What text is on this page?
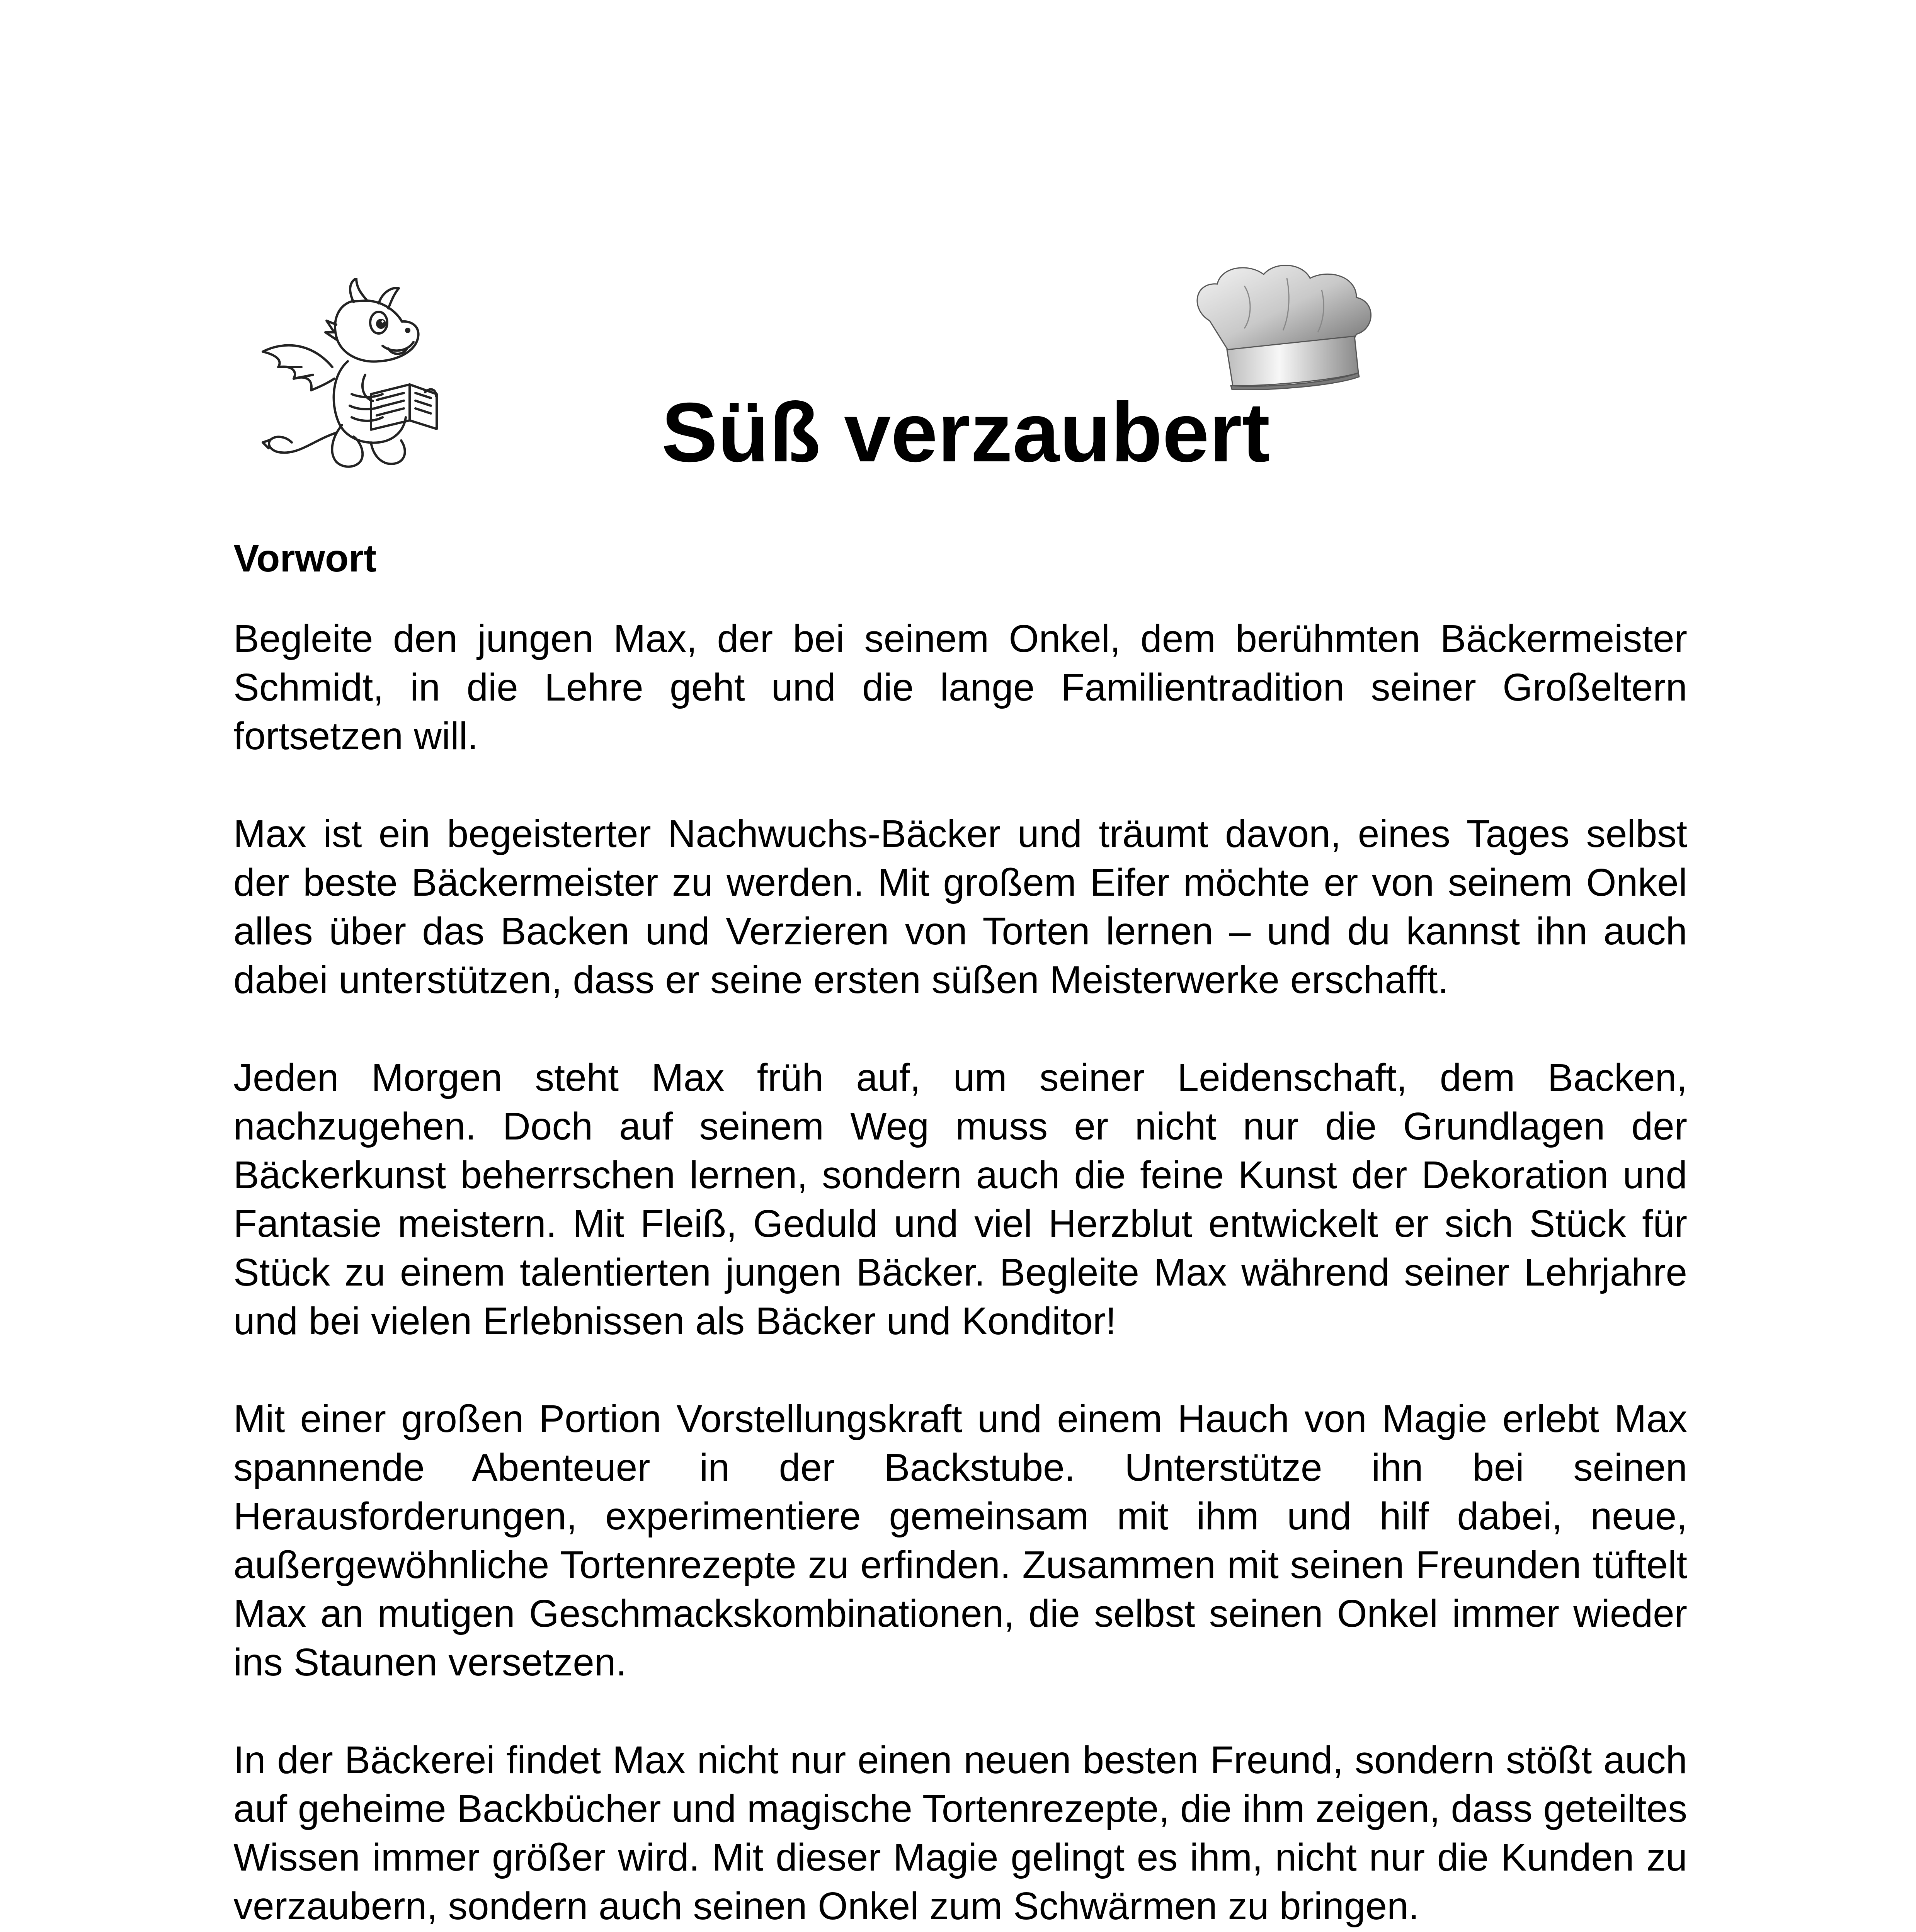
Süß verzaubert
Vorwort

Begleite den jungen Max, der bei seinem Onkel, dem berühmten Bäckermeister Schmidt, in die Lehre geht und die lange Familientradition seiner Großeltern fortsetzen will.

Max ist ein begeisterter Nachwuchs-Bäcker und träumt davon, eines Tages selbst der beste Bäckermeister zu werden. Mit großem Eifer möchte er von seinem Onkel alles über das Backen und Verzieren von Torten lernen – und du kannst ihn auch dabei unterstützen, dass er seine ersten süßen Meisterwerke erschafft.

Jeden Morgen steht Max früh auf, um seiner Leidenschaft, dem Backen, nachzugehen. Doch auf seinem Weg muss er nicht nur die Grundlagen der Bäckerkunst beherrschen lernen, sondern auch die feine Kunst der Dekoration und Fantasie meistern. Mit Fleiß, Geduld und viel Herzblut entwickelt er sich Stück für Stück zu einem talentierten jungen Bäcker. Begleite Max während seiner Lehrjahre und bei vielen Erlebnissen als Bäcker und Konditor!

Mit einer großen Portion Vorstellungskraft und einem Hauch von Magie erlebt Max spannende Abenteuer in der Backstube. Unterstütze ihn bei seinen Herausforderungen, experimentiere gemeinsam mit ihm und hilf dabei, neue, außergewöhnliche Tortenrezepte zu erfinden. Zusammen mit seinen Freunden tüftelt Max an mutigen Geschmackskombinationen, die selbst seinen Onkel immer wieder ins Staunen versetzen.

In der Bäckerei findet Max nicht nur einen neuen besten Freund, sondern stößt auch auf geheime Backbücher und magische Tortenrezepte, die ihm zeigen, dass geteiltes Wissen immer größer wird. Mit dieser Magie gelingt es ihm, nicht nur die Kunden zu verzaubern, sondern auch seinen Onkel zum Schwärmen zu bringen.
